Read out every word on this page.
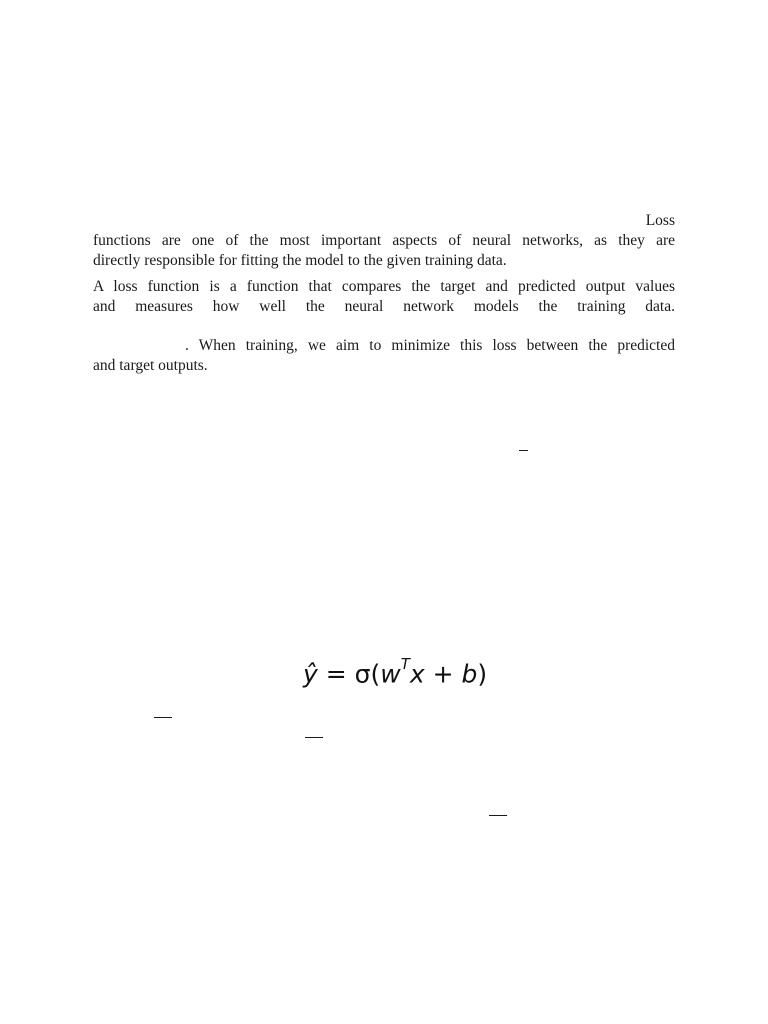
Loss
functions are one of the most important aspects of neural networks, as they are
directly responsible for fitting the model to the given training data.
A loss function is a function that compares the target and predicted output values
and measures how well the neural network models the training data.
. When training, we aim to minimize this loss between the predicted
and target outputs.
ŷ = $\sigma(w^Tx + b)$
